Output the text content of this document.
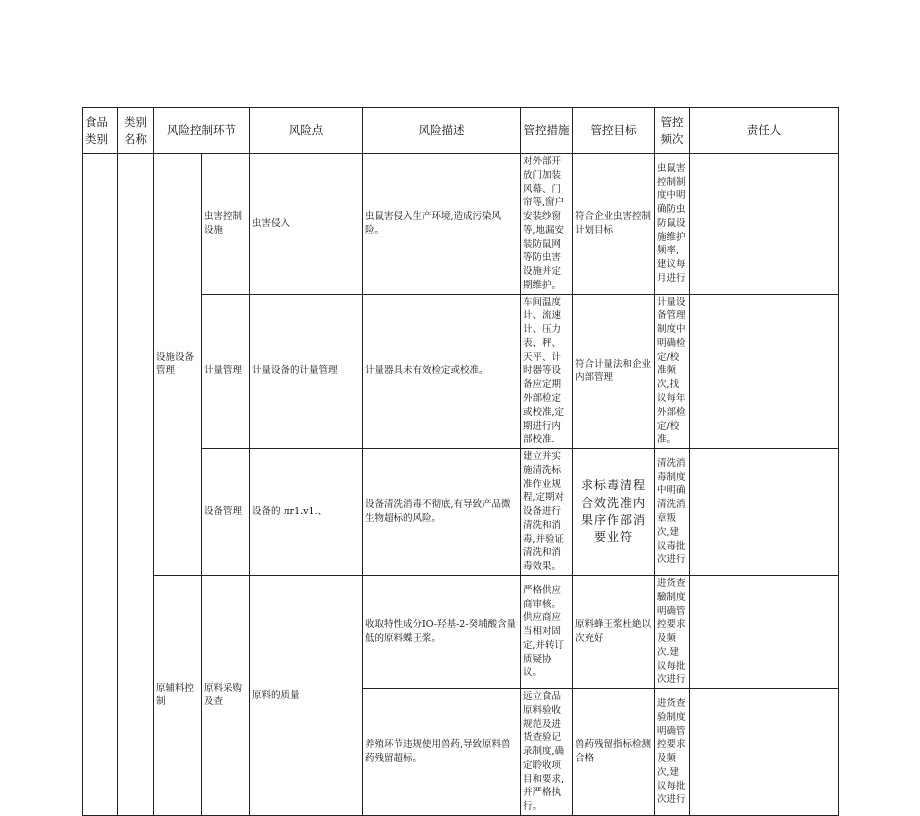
食品类别	类别名称	风险控制环节		风险点	风险描述	管控措施	管控目标	管控频次	责任人
		设施设备管理	虫害控制设施	虫害侵入	虫鼠害侵入生产环境,造成污染风险。	对外部开放门加装风幕、门帘等,窗户安装纱窗等,地漏安装防鼠网等防虫害设施并定期维护。	符合企业虫害控制计划目标	虫鼠害控制制度中明确防虫防鼠设施维护频率,建议每月进行	
			计量管理	计量设备的计量管理	计量器具未有效检定或校准。	车间温度计、流速计、压力表、秤、天平、计时器等设备应定期外部检定或校准,定期进行内部校准.	符合计量法和企业内部管理	计量设备管理制度中明确检定/校准频次,找议每年外部检定/校准。	
			设备管理	设备的 лr1.v1.、	设备清洗消毒不彻底,有导致产品微生物超标的风险。	建立并实施清洗标准作业规程,定期对设备进行清洗和消毒,并验证清洗和消毒效果。	求标毒清程合效洗准内果序作部消要业符	清洗消毒制度中明确清洗消章叛次,建议毒批次进行	
		原辅料控制	原料采购及查	原料的质量	收取特性成分IO-羟基-2-癸埔酸含量低的原料蝶王浆。	严格供应商审核。供应商应当相对固定,并转订质疑协议。	原料蜂王浆杜絶以次充好	进货查驗制度明确管控要求及频次.建议每批次进行	
					养殖环节违规使用兽药,导致原料兽药残留超标。	远立食品原料验收规范及进货查验记录制度,确定聆收项目和要求,并严格执行。	兽药残留指标检测合格	进货查验制度明确管控要求及频次,建议每批次进行	
